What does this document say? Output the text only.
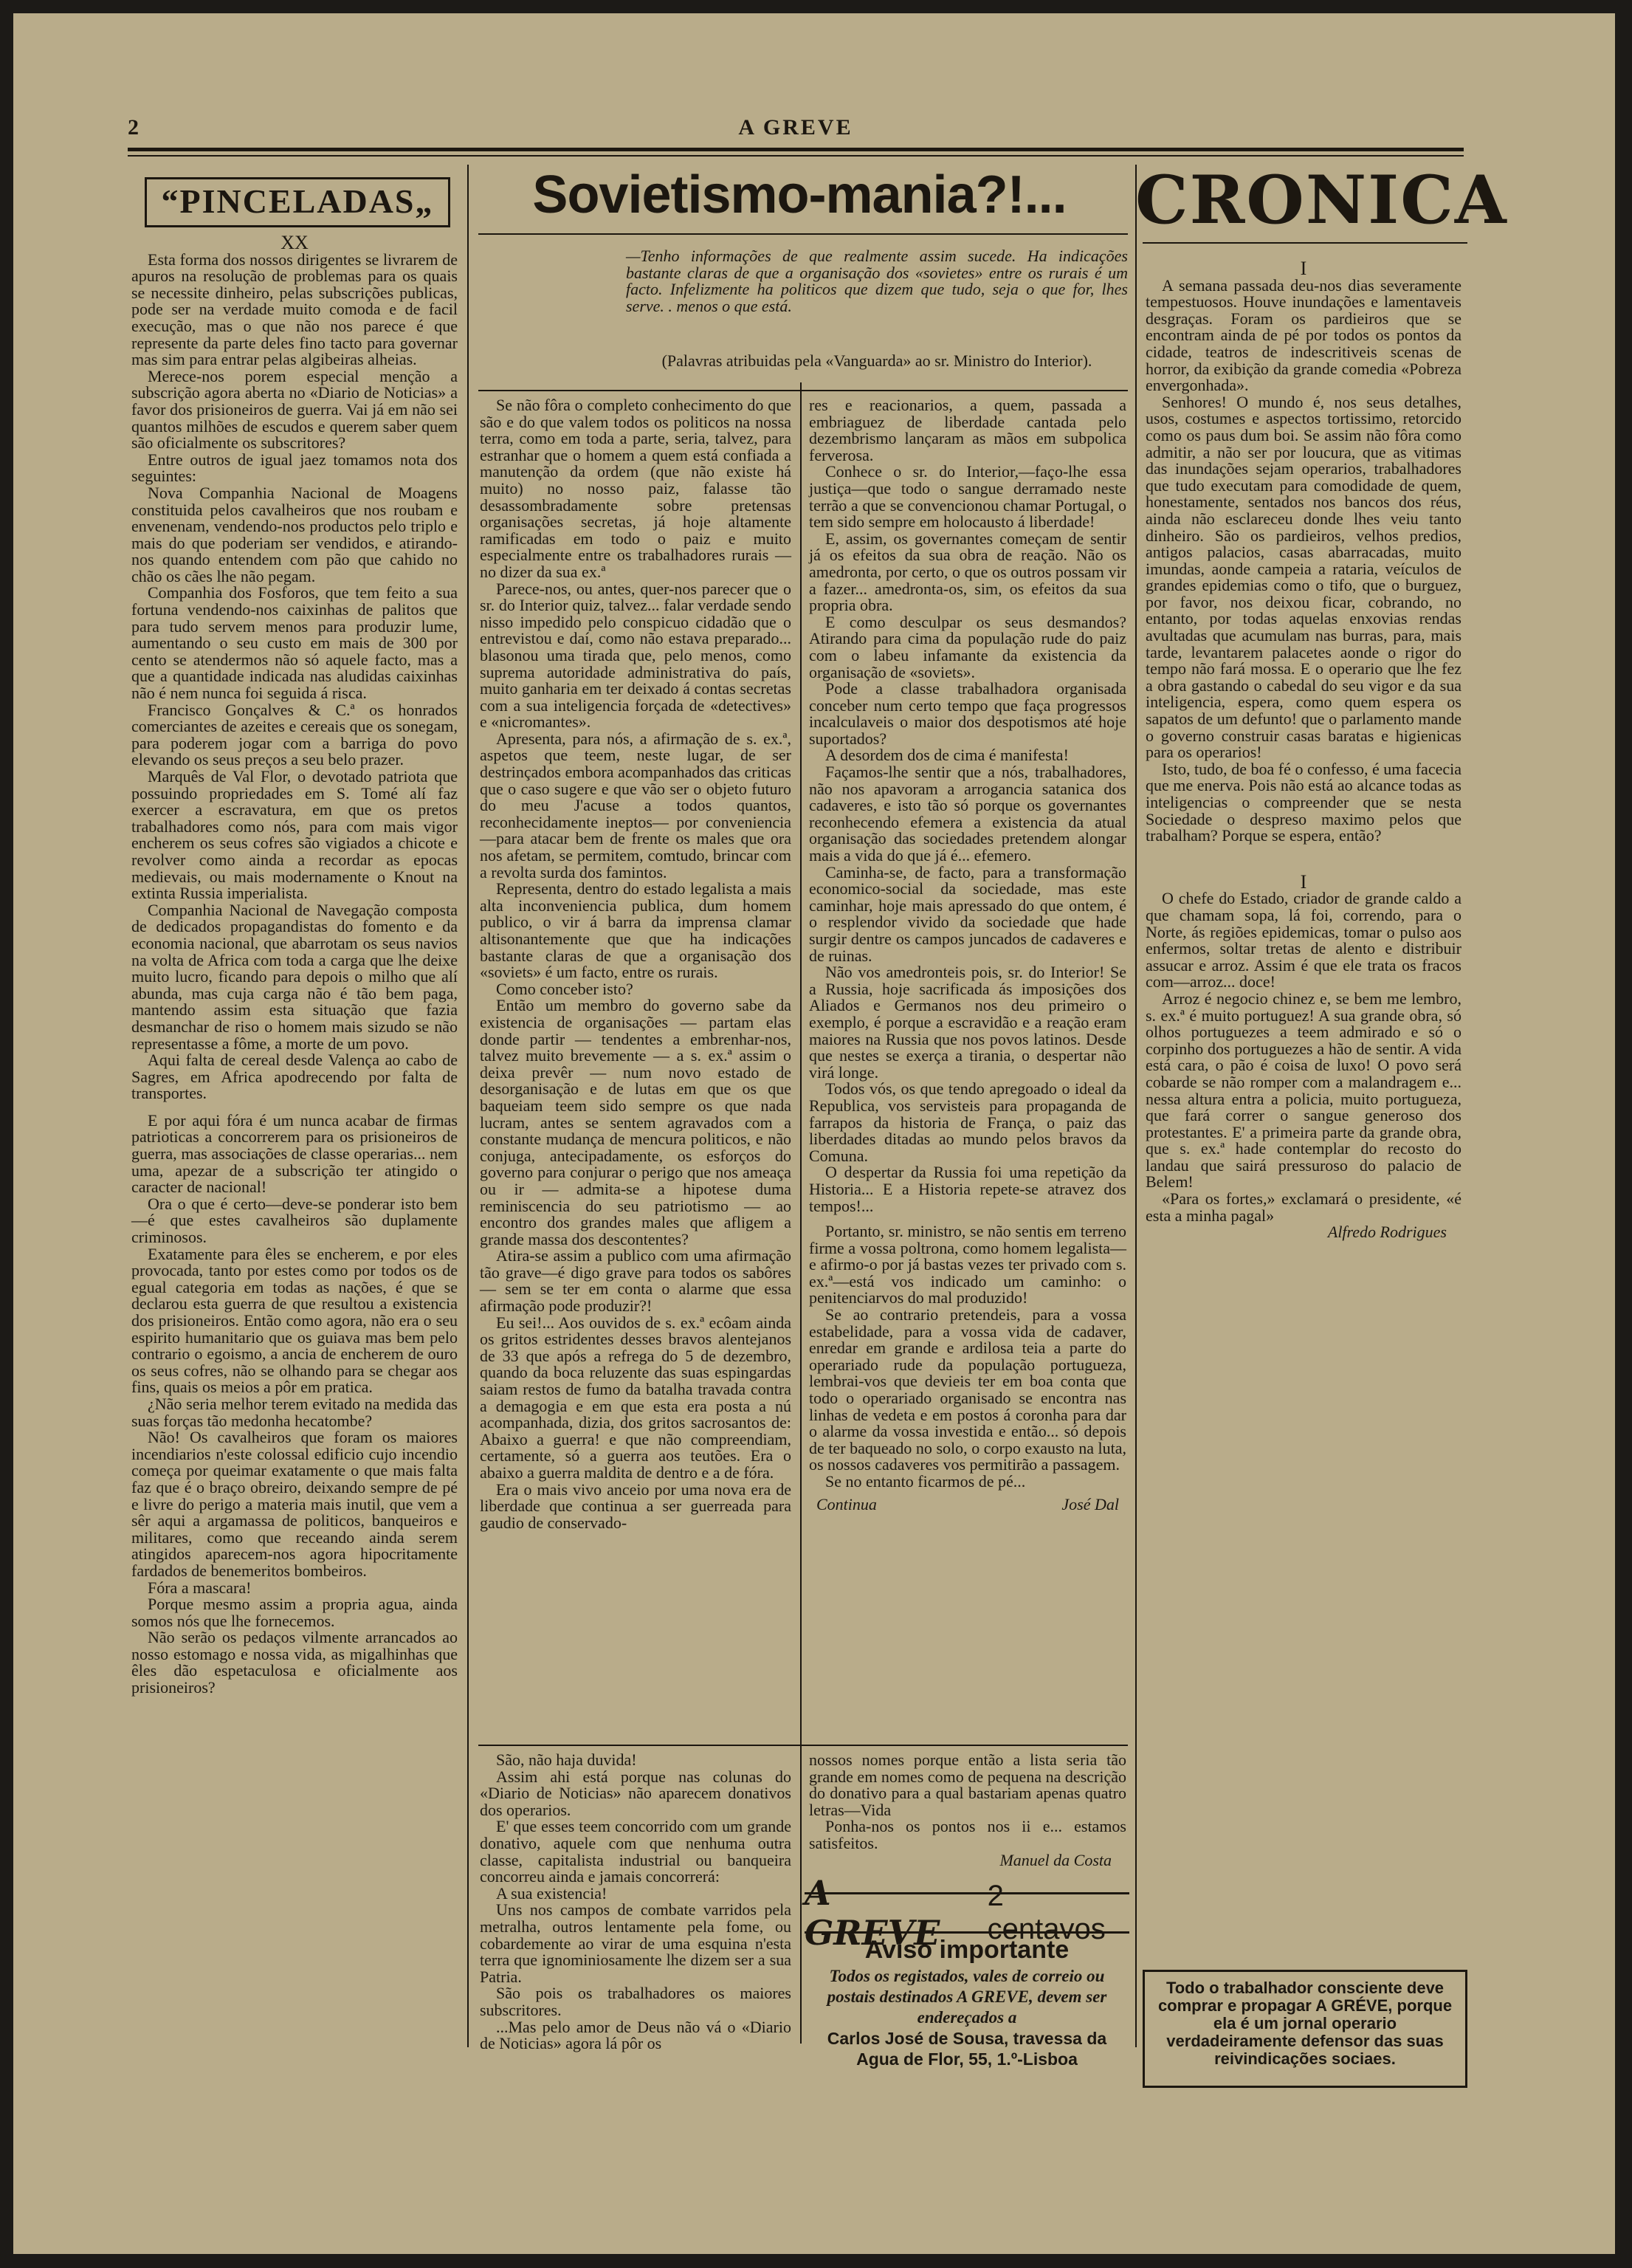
2	A GREVE
“PINCELADAS„

XX

Esta forma dos nossos dirigentes se livrarem de apuros na resolução de problemas para os quais se necessite dinheiro, pelas subscrições publicas, pode ser na verdade muito comoda e de facil execução, mas o que não nos parece é que represente da parte deles fino tacto para governar mas sim para entrar pelas algibeiras alheias.

Merece-nos porem especial menção a subscrição agora aberta no «Diario de Noticias» a favor dos prisioneiros de guerra. Vai já em não sei quantos milhões de escudos e querem saber quem são oficialmente os subscritores?

Entre outros de igual jaez tomamos nota dos seguintes:

Nova Companhia Nacional de Moagens constituida pelos cavalheiros que nos roubam e envenenam, vendendo-nos productos pelo triplo e mais do que poderiam ser vendidos, e atirando-nos quando entendem com pão que cahido no chão os cães lhe não pegam.

Companhia dos Fosforos, que tem feito a sua fortuna vendendo-nos caixinhas de palitos que para tudo servem menos para produzir lume, aumentando o seu custo em mais de 300 por cento se atendermos não só aquele facto, mas a que a quantidade indicada nas aludidas caixinhas não é nem nunca foi seguida á risca.

Francisco Gonçalves & C.ª os honrados comerciantes de azeites e cereais que os sonegam, para poderem jogar com a barriga do povo elevando os seus preços a seu belo prazer.

Marquês de Val Flor, o devotado patriota que possuindo propriedades em S. Tomé alí faz exercer a escravatura, em que os pretos trabalhadores como nós, para com mais vigor encherem os seus cofres são vigiados a chicote e revolver como ainda a recordar as epocas medievais, ou mais modernamente o Knout na extinta Russia imperialista.

Companhia Nacional de Navegação composta de dedicados propagandistas do fomento e da economia nacional, que abarrotam os seus navios na volta de Africa com toda a carga que lhe deixe muito lucro, ficando para depois o milho que alí abunda, mas cuja carga não é tão bem paga, mantendo assim esta situação que fazia desmanchar de riso o homem mais sizudo se não representasse a fôme, a morte de um povo.

Aqui falta de cereal desde Valença ao cabo de Sagres, em Africa apodrecendo por falta de transportes.

E por aqui fóra é um nunca acabar de firmas patrioticas a concorrerem para os prisioneiros de guerra, mas associações de classe operarias... nem uma, apezar de a subscrição ter atingido o caracter de nacional!

Ora o que é certo—deve-se ponderar isto bem—é que estes cavalheiros são duplamente criminosos.

Exatamente para êles se encherem, e por eles provocada, tanto por estes como por todos os de egual categoria em todas as nações, é que se declarou esta guerra de que resultou a existencia dos prisioneiros. Então como agora, não era o seu espirito humanitario que os guiava mas bem pelo contrario o egoismo, a ancia de encherem de ouro os seus cofres, não se olhando para se chegar aos fins, quais os meios a pôr em pratica.

¿Não seria melhor terem evitado na medida das suas forças tão medonha hecatombe?

Não! Os cavalheiros que foram os maiores incendiarios n'este colossal edificio cujo incendio começa por queimar exatamente o que mais falta faz que é o braço obreiro, deixando sempre de pé e livre do perigo a materia mais inutil, que vem a sêr aqui a argamassa de politicos, banqueiros e militares, como que receando ainda serem atingidos aparecem-nos agora hipocritamente fardados de benemeritos bombeiros.

Fóra a mascara!

Porque mesmo assim a propria agua, ainda somos nós que lhe fornecemos.

Não serão os pedaços vilmente arrancados ao nosso estomago e nossa vida, as migalhinhas que êles dão espetaculosa e oficialmente aos prisioneiros?

Sovietismo-mania?!...
—Tenho informações de que realmente assim sucede. Ha indicações bastante claras de que a organisação dos «sovietes» entre os rurais é um facto. Infelizmente ha politicos que dizem que tudo, seja o que for, lhes serve. . menos o que está.
(Palavras atribuidas pela «Vanguarda» ao sr. Ministro do Interior).

Se não fôra o completo conhecimento do que são e do que valem todos os politicos na nossa terra, como em toda a parte, seria, talvez, para estranhar que o homem a quem está confiada a manutenção da ordem (que não existe há muito) no nosso paiz, falasse tão desassombradamente sobre pretensas organisações secretas, já hoje altamente ramificadas em todo o paiz e muito especialmente entre os trabalhadores rurais — no dizer da sua ex.ª

Parece-nos, ou antes, quer-nos parecer que o sr. do Interior quiz, talvez... falar verdade sendo nisso impedido pelo conspicuo cidadão que o entrevistou e daí, como não estava preparado... blasonou uma tirada que, pelo menos, como suprema autoridade administrativa do país, muito ganharia em ter deixado á contas secretas com a sua inteligencia forçada de «detectives» e «nicromantes».

Apresenta, para nós, a afirmação de s. ex.ª, aspetos que teem, neste lugar, de ser destrinçados embora acompanhados das criticas que o caso sugere e que vão ser o objeto futuro do meu J'acuse a todos quantos, reconhecidamente ineptos— por conveniencia —para atacar bem de frente os males que ora nos afetam, se permitem, comtudo, brincar com a revolta surda dos famintos.

Representa, dentro do estado legalista a mais alta inconveniencia publica, dum homem publico, o vir á barra da imprensa clamar altisonantemente que que ha indicações bastante claras de que a organisação dos «soviets» é um facto, entre os rurais.

Como conceber isto?

Então um membro do governo sabe da existencia de organisações — partam elas donde partir — tendentes a embrenhar-nos, talvez muito brevemente — a s. ex.ª assim o deixa prevêr — num novo estado de desorganisação e de lutas em que os que baqueiam teem sido sempre os que nada lucram, antes se sentem agravados com a constante mudança de mencura politicos, e não conjuga, antecipadamente, os esforços do governo para conjurar o perigo que nos ameaça ou ir — admita-se a hipotese duma reminiscencia do seu patriotismo — ao encontro dos grandes males que afligem a grande massa dos descontentes?

Atira-se assim a publico com uma afirmação tão grave—é digo grave para todos os sabôres — sem se ter em conta o alarme que essa afirmação pode produzir?!

Eu sei!... Aos ouvidos de s. ex.ª ecôam ainda os gritos estridentes desses bravos alentejanos de 33 que após a refrega do 5 de dezembro, quando da boca reluzente das suas espingardas saiam restos de fumo da batalha travada contra a demagogia e em que esta era posta a nú acompanhada, dizia, dos gritos sacrosantos de: Abaixo a guerra! e que não compreendiam, certamente, só a guerra aos teutões. Era o abaixo a guerra maldita de dentro e a de fóra.

Era o mais vivo anceio por uma nova era de liberdade que continua a ser guerreada para gaudio de conservado-

res e reacionarios, a quem, passada a embriaguez de liberdade cantada pelo dezembrismo lançaram as mãos em subpolica ferverosa.

Conhece o sr. do Interior,—faço-lhe essa justiça—que todo o sangue derramado neste terrão a que se convencionou chamar Portugal, o tem sido sempre em holocausto á liberdade!

E, assim, os governantes começam de sentir já os efeitos da sua obra de reação. Não os amedronta, por certo, o que os outros possam vir a fazer... amedronta-os, sim, os efeitos da sua propria obra.

E como desculpar os seus desmandos? Atirando para cima da população rude do paiz com o labeu infamante da existencia da organisação de «soviets».

Pode a classe trabalhadora organisada conceber num certo tempo que faça progressos incalculaveis o maior dos despotismos até hoje suportados?

A desordem dos de cima é manifesta!

Façamos-lhe sentir que a nós, trabalhadores, não nos apavoram a arrogancia satanica dos cadaveres, e isto tão só porque os governantes reconhecendo efemera a existencia da atual organisação das sociedades pretendem alongar mais a vida do que já é... efemero.

Caminha-se, de facto, para a transformação economico-social da sociedade, mas este caminhar, hoje mais apressado do que ontem, é o resplendor vivido da sociedade que hade surgir dentre os campos juncados de cadaveres e de ruinas.

Não vos amedronteis pois, sr. do Interior! Se a Russia, hoje sacrificada ás imposições dos Aliados e Germanos nos deu primeiro o exemplo, é porque a escravidão e a reação eram maiores na Russia que nos povos latinos. Desde que nestes se exerça a tirania, o despertar não virá longe.

Todos vós, os que tendo apregoado o ideal da Republica, vos servisteis para propaganda de farrapos da historia de França, o paiz das liberdades ditadas ao mundo pelos bravos da Comuna.

O despertar da Russia foi uma repetição da Historia... E a Historia repete-se atravez dos tempos!...

Portanto, sr. ministro, se não sentis em terreno firme a vossa poltrona, como homem legalista—e afirmo-o por já bastas vezes ter privado com s. ex.ª—está vos indicado um caminho: o penitenciarvos do mal produzido!

Se ao contrario pretendeis, para a vossa estabelidade, para a vossa vida de cadaver, enredar em grande e ardilosa teia a parte do operariado rude da população portugueza, lembrai-vos que devieis ter em boa conta que todo o operariado organisado se encontra nas linhas de vedeta e em postos á coronha para dar o alarme da vossa investida e então... só depois de ter baqueado no solo, o corpo exausto na luta, os nossos cadaveres vos permitirão a passagem.

Se no entanto ficarmos de pé...

Continua	José Dal

São, não haja duvida!

Assim ahi está porque nas colunas do «Diario de Noticias» não aparecem donativos dos operarios.

E' que esses teem concorrido com um grande donativo, aquele com que nenhuma outra classe, capitalista industrial ou banqueira concorreu ainda e jamais concorrerá:

A sua existencia!

Uns nos campos de combate varridos pela metralha, outros lentamente pela fome, ou cobardemente ao virar de uma esquina n'esta terra que ignominiosamente lhe dizem ser a sua Patria.

São pois os trabalhadores os maiores subscritores.

...Mas pelo amor de Deus não vá o «Diario de Noticias» agora lá pôr os

nossos nomes porque então a lista seria tão grande em nomes como de pequena na descrição do donativo para a qual bastariam apenas quatro letras—Vida

Ponha-nos os pontos nos ii e... estamos satisfeitos.

Manuel da Costa

A GREVE
2 centavos
Aviso importante
Todos os registados, vales de correio ou postais destinados A GREVE, devem ser endereçados a
Carlos José de Sousa, travessa da Agua de Flor, 55, 1.º-Lisboa
CRONICA

I

A semana passada deu-nos dias severamente tempestuosos. Houve inundações e lamentaveis desgraças. Foram os pardieiros que se encontram ainda de pé por todos os pontos da cidade, teatros de indescritiveis scenas de horror, da exibição da grande comedia «Pobreza envergonhada».

Senhores! O mundo é, nos seus detalhes, usos, costumes e aspectos tortissimo, retorcido como os paus dum boi. Se assim não fôra como admitir, a não ser por loucura, que as vitimas das inundações sejam operarios, trabalhadores que tudo executam para comodidade de quem, honestamente, sentados nos bancos dos réus, ainda não esclareceu donde lhes veiu tanto dinheiro. São os pardieiros, velhos predios, antigos palacios, casas abarracadas, muito imundas, aonde campeia a rataria, veículos de grandes epidemias como o tifo, que o burguez, por favor, nos deixou ficar, cobrando, no entanto, por todas aquelas enxovias rendas avultadas que acumulam nas burras, para, mais tarde, levantarem palacetes aonde o rigor do tempo não fará mossa. E o operario que lhe fez a obra gastando o cabedal do seu vigor e da sua inteligencia, espera, como quem espera os sapatos de um defunto! que o parlamento mande o governo construir casas baratas e higienicas para os operarios!

Isto, tudo, de boa fé o confesso, é uma facecia que me enerva. Pois não está ao alcance todas as inteligencias o compreender que se nesta Sociedade o despreso maximo pelos que trabalham? Porque se espera, então?

I

O chefe do Estado, criador de grande caldo a que chamam sopa, lá foi, correndo, para o Norte, ás regiões epidemicas, tomar o pulso aos enfermos, soltar tretas de alento e distribuir assucar e arroz. Assim é que ele trata os fracos com—arroz... doce!

Arroz é negocio chinez e, se bem me lembro, s. ex.ª é muito portuguez! A sua grande obra, só olhos portuguezes a teem admirado e só o corpinho dos portuguezes a hão de sentir. A vida está cara, o pão é coisa de luxo! O povo será cobarde se não romper com a malandragem e... nessa altura entra a policia, muito portugueza, que fará correr o sangue generoso dos protestantes. E' a primeira parte da grande obra, que s. ex.ª hade contemplar do recosto do landau que sairá pressuroso do palacio de Belem!

«Para os fortes,» exclamará o presidente, «é esta a minha pagal»

Alfredo Rodrigues

Todo o trabalhador consciente deve comprar e propagar A GRÉVE, porque ela é um jornal operario verdadeiramente defensor das suas reivindicações sociaes.
